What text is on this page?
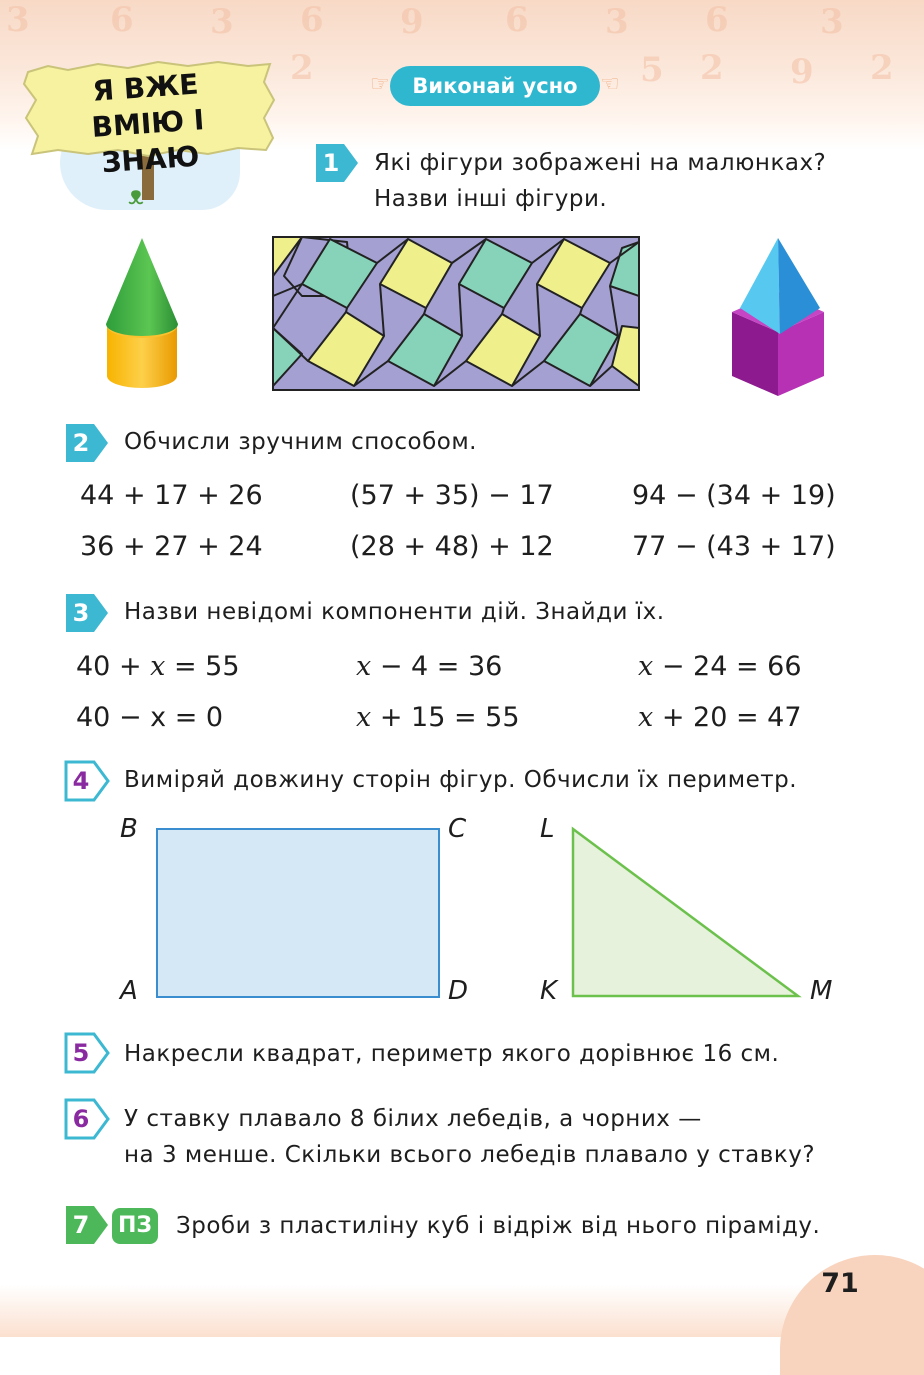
3 6 3 6 9 6 3 6	3
2	5 2 9 2
ᴥ
Я ВЖЕ
ВМІЮ І ЗНАЮ
☞	Виконай усно	☜
1	Які фігури зображені на малюнках?
Назви інші фігури.
2	Обчисли зручним способом.
44 + 17 + 26	(57 + 35) − 17	94 − (34 + 19)
36 + 27 + 24	(28 + 48) + 12	77 − (43 + 17)
3	Назви невідомі компоненти дій. Знайди їх.
40 + x = 55	x − 4 = 36	x − 24 = 66
40 − x = 0	x + 15 = 55	x + 20 = 47
4	Виміряй довжину сторін фігур. Обчисли їх периметр.
B	C
A	D
L
K	M
5	Накресли квадрат, периметр якого дорівнює 16 см.
6	У ставку плавало 8 білих лебедів, а чорних —
на 3 менше. Скільки всього лебедів плавало у ставку?
7	ПЗ Зроби з пластиліну куб і відріж від нього піраміду.
71
